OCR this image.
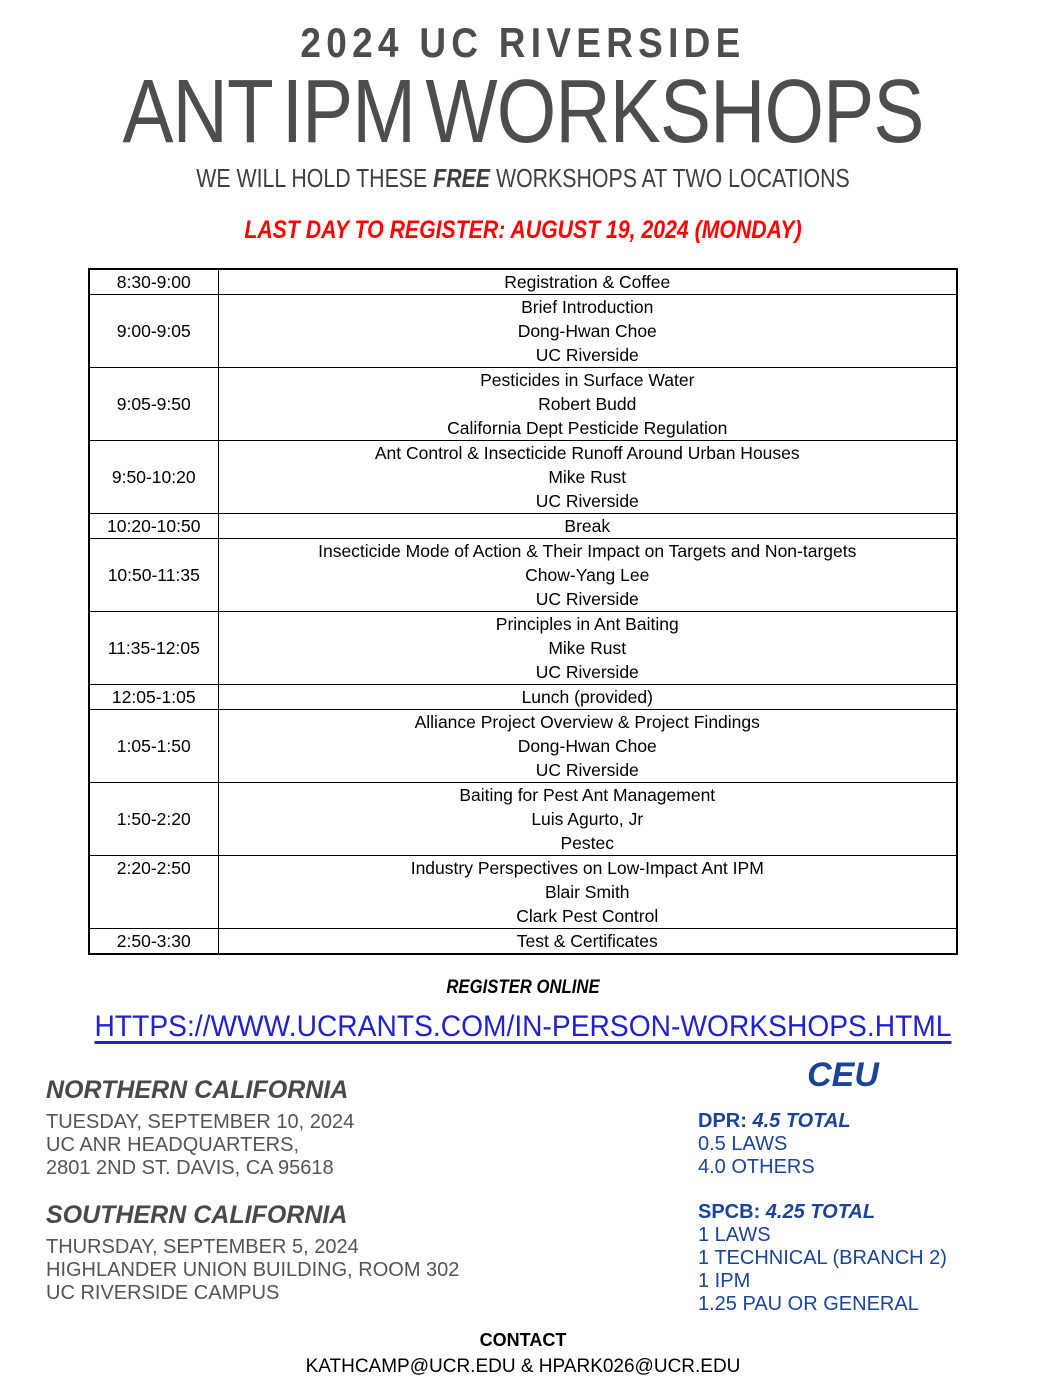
2024 UC RIVERSIDE
ANT IPM WORKSHOPS
WE WILL HOLD THESE FREE WORKSHOPS AT TWO LOCATIONS
LAST DAY TO REGISTER: AUGUST 19, 2024 (MONDAY)
8:30-9:00	Registration & Coffee

9:00-9:05	Brief Introduction
Dong-Hwan Choe
UC Riverside

9:05-9:50	Pesticides in Surface Water
Robert Budd
California Dept Pesticide Regulation

9:50-10:20	Ant Control & Insecticide Runoff Around Urban Houses
Mike Rust
UC Riverside

10:20-10:50	Break

10:50-11:35	Insecticide Mode of Action & Their Impact on Targets and Non-targets
Chow-Yang Lee
UC Riverside

11:35-12:05	Principles in Ant Baiting
Mike Rust
UC Riverside

12:05-1:05	Lunch (provided)

1:05-1:50	Alliance Project Overview & Project Findings
Dong-Hwan Choe
UC Riverside

1:50-2:20	Baiting for Pest Ant Management
Luis Agurto, Jr
Pestec

2:20-2:50	Industry Perspectives on Low-Impact Ant IPM
Blair Smith
Clark Pest Control

2:50-3:30	Test & Certificates
REGISTER ONLINE
HTTPS://WWW.UCRANTS.COM/IN-PERSON-WORKSHOPS.HTML
NORTHERN CALIFORNIA
TUESDAY, SEPTEMBER 10, 2024
UC ANR HEADQUARTERS,
2801 2ND ST. DAVIS, CA 95618
SOUTHERN CALIFORNIA
THURSDAY, SEPTEMBER 5, 2024
HIGHLANDER UNION BUILDING, ROOM 302
UC RIVERSIDE CAMPUS
CEU
DPR: 4.5 TOTAL
0.5 LAWS
4.0 OTHERS
SPCB: 4.25 TOTAL
1 LAWS
1 TECHNICAL (BRANCH 2)
1 IPM
1.25 PAU OR GENERAL
CONTACT
KATHCAMP@UCR.EDU & HPARK026@UCR.EDU
